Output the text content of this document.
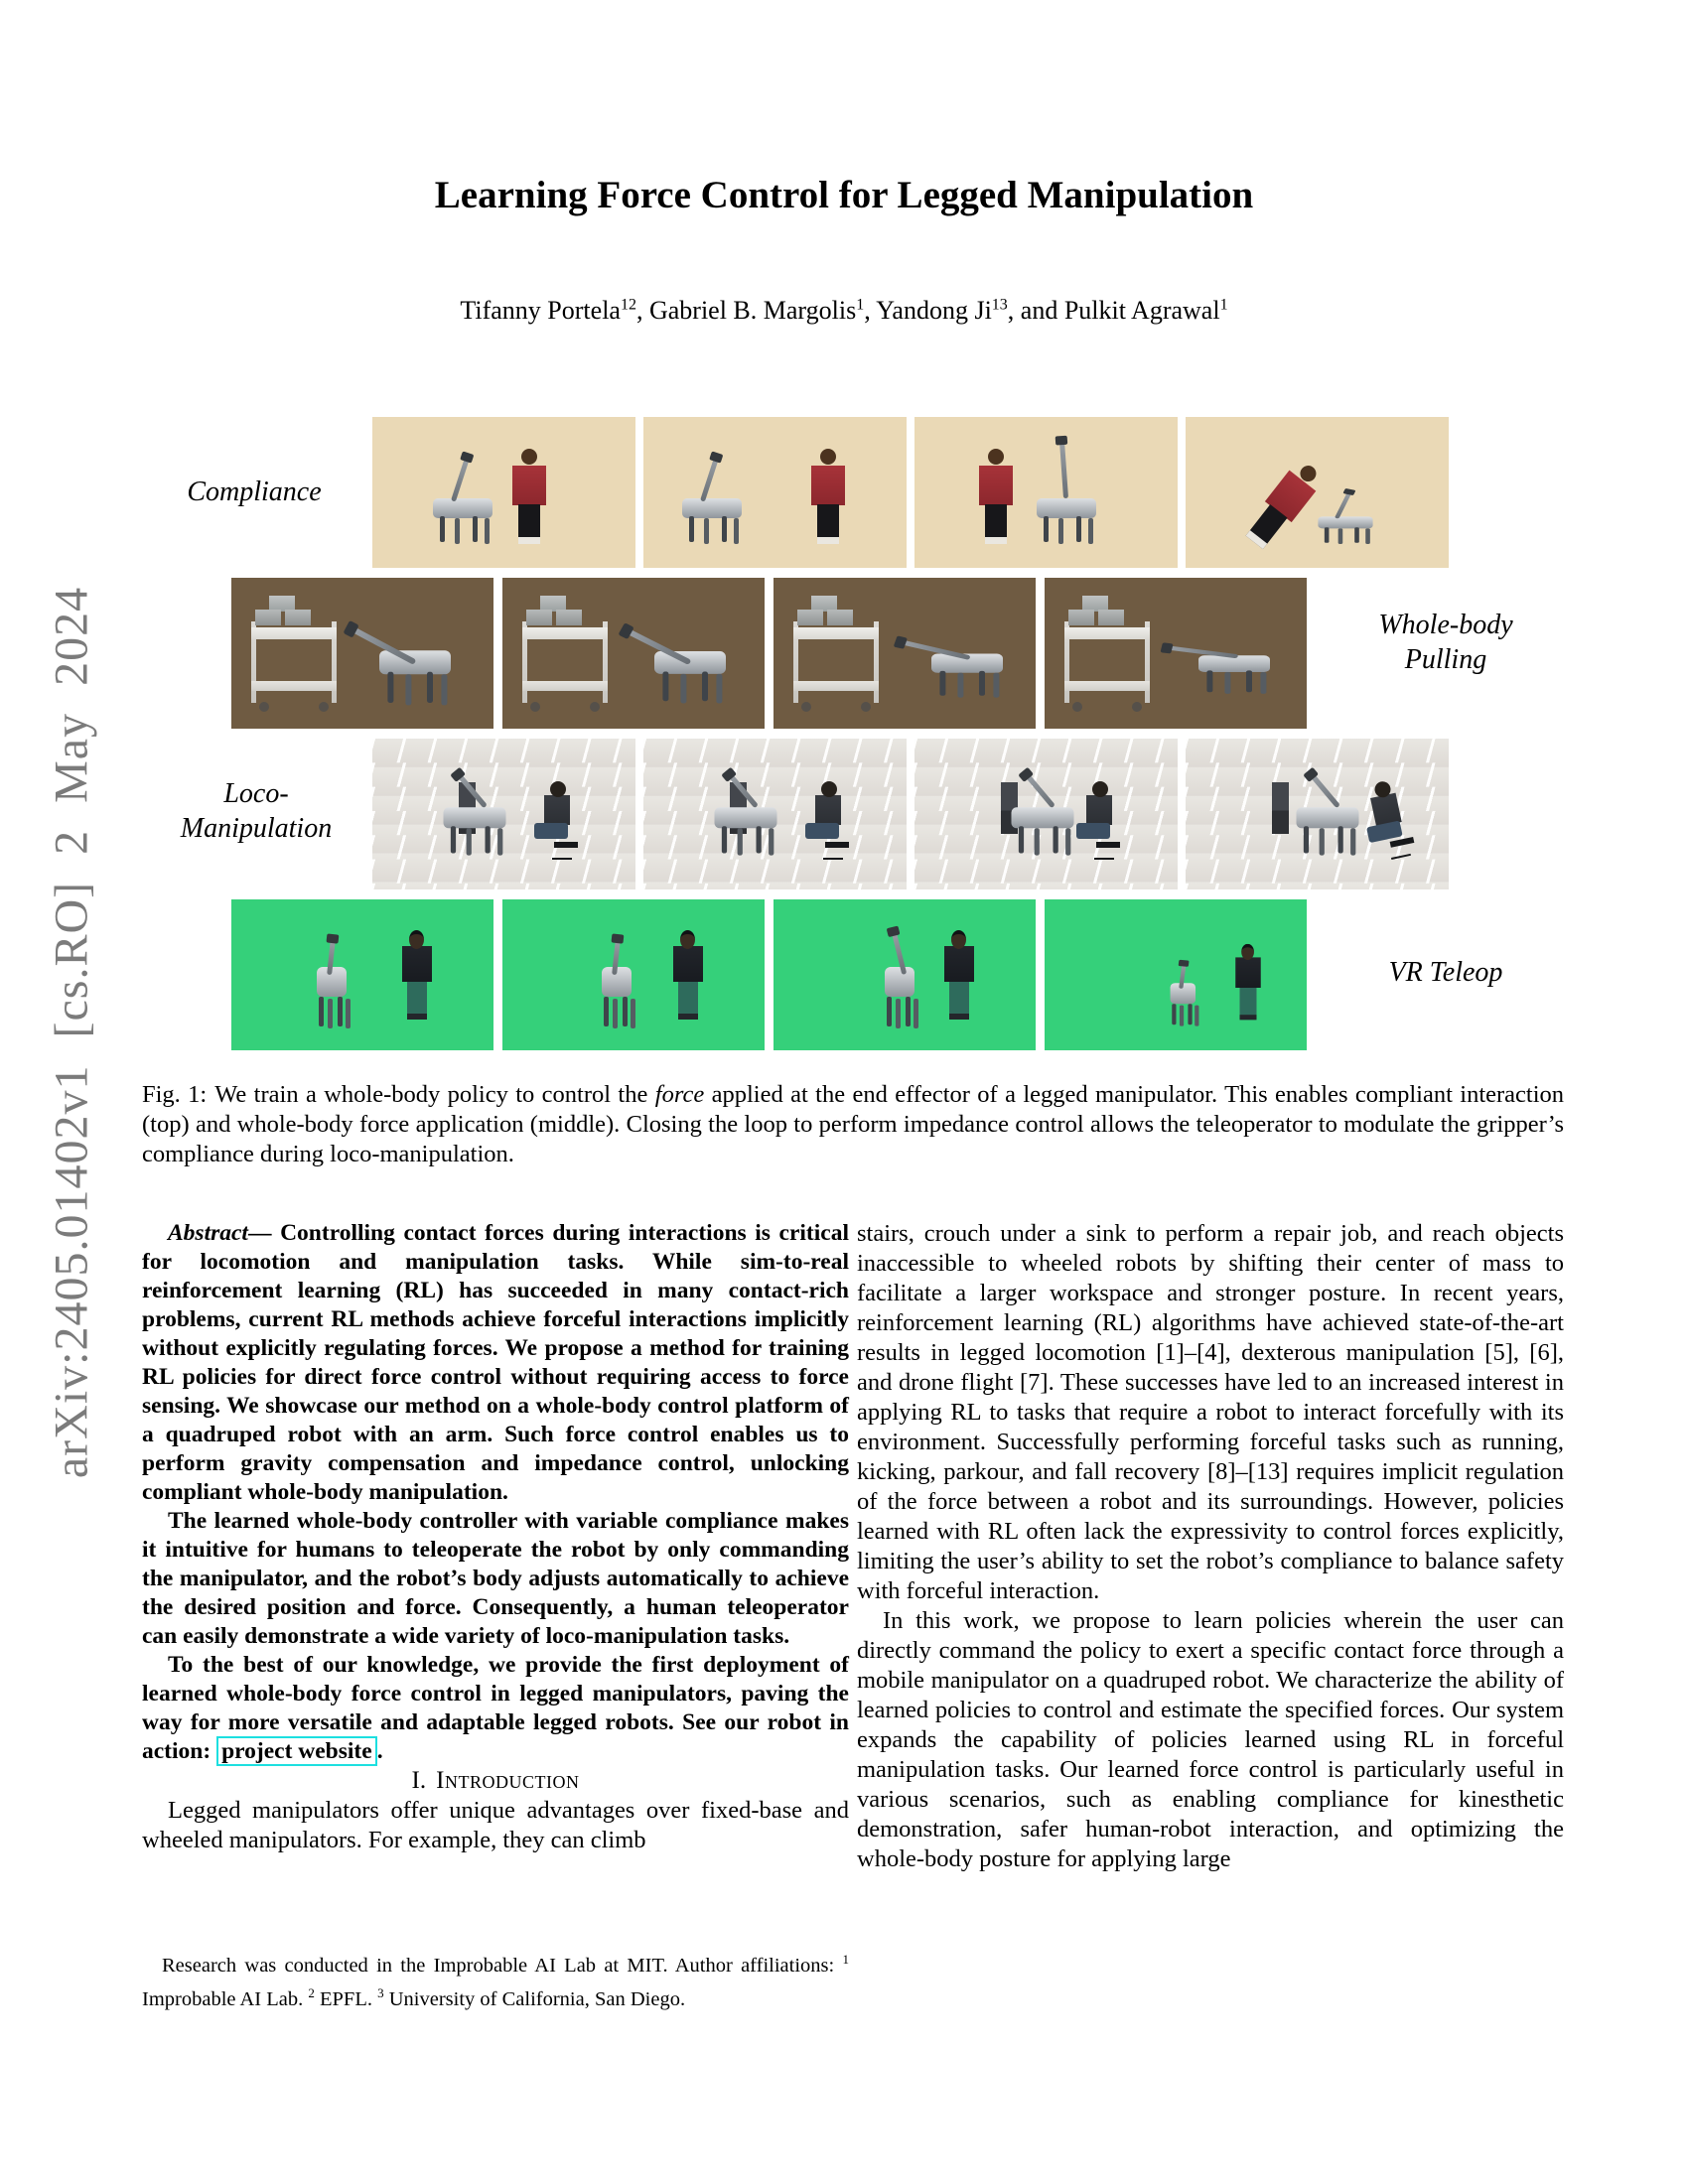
arXiv:2405.01402v1 [cs.RO] 2 May 2024
Learning Force Control for Legged Manipulation
Tifanny Portela$^{12}$, Gabriel B. Margolis$^1$, Yandong Ji$^{13}$, and Pulkit Agrawal$^1$
Compliance
Whole-body
Pulling
Loco-
Manipulation
VR Teleop
Fig. 1: We train a whole-body policy to control the force applied at the end effector of a legged manipulator. This enables compliant interaction (top) and whole-body force application (middle). Closing the loop to perform impedance control allows the teleoperator to modulate the gripper’s compliance during loco-manipulation.

Abstract— Controlling contact forces during interactions is critical for locomotion and manipulation tasks. While sim-to-real reinforcement learning (RL) has succeeded in many contact-rich problems, current RL methods achieve forceful interactions implicitly without explicitly regulating forces. We propose a method for training RL policies for direct force control without requiring access to force sensing. We showcase our method on a whole-body control platform of a quadruped robot with an arm. Such force control enables us to perform gravity compensation and impedance control, unlocking compliant whole-body manipulation.

The learned whole-body controller with variable compliance makes it intuitive for humans to teleoperate the robot by only commanding the manipulator, and the robot’s body adjusts automatically to achieve the desired position and force. Consequently, a human teleoperator can easily demonstrate a wide variety of loco-manipulation tasks.

To the best of our knowledge, we provide the first deployment of learned whole-body force control in legged manipulators, paving the way for more versatile and adaptable legged robots. See our robot in action: project website .

I. Introduction

Legged manipulators offer unique advantages over fixed-base and wheeled manipulators. For example, they can climb

Research was conducted in the Improbable AI Lab at MIT. Author affiliations: $^1$ Improbable AI Lab. $^2$ EPFL. $^3$ University of California, San Diego.

stairs, crouch under a sink to perform a repair job, and reach objects inaccessible to wheeled robots by shifting their center of mass to facilitate a larger workspace and stronger posture. In recent years, reinforcement learning (RL) algorithms have achieved state-of-the-art results in legged locomotion [1]–[4], dexterous manipulation [5], [6], and drone flight [7]. These successes have led to an increased interest in applying RL to tasks that require a robot to interact forcefully with its environment. Successfully performing forceful tasks such as running, kicking, parkour, and fall recovery [8]–[13] requires implicit regulation of the force between a robot and its surroundings. However, policies learned with RL often lack the expressivity to control forces explicitly, limiting the user’s ability to set the robot’s compliance to balance safety with forceful interaction.

In this work, we propose to learn policies wherein the user can directly command the policy to exert a specific contact force through a mobile manipulator on a quadruped robot. We characterize the ability of learned policies to control and estimate the specified forces. Our system expands the capability of policies learned using RL in forceful manipulation tasks. Our learned force control is particularly useful in various scenarios, such as enabling compliance for kinesthetic demonstration, safer human-robot interaction, and optimizing the whole-body posture for applying large
